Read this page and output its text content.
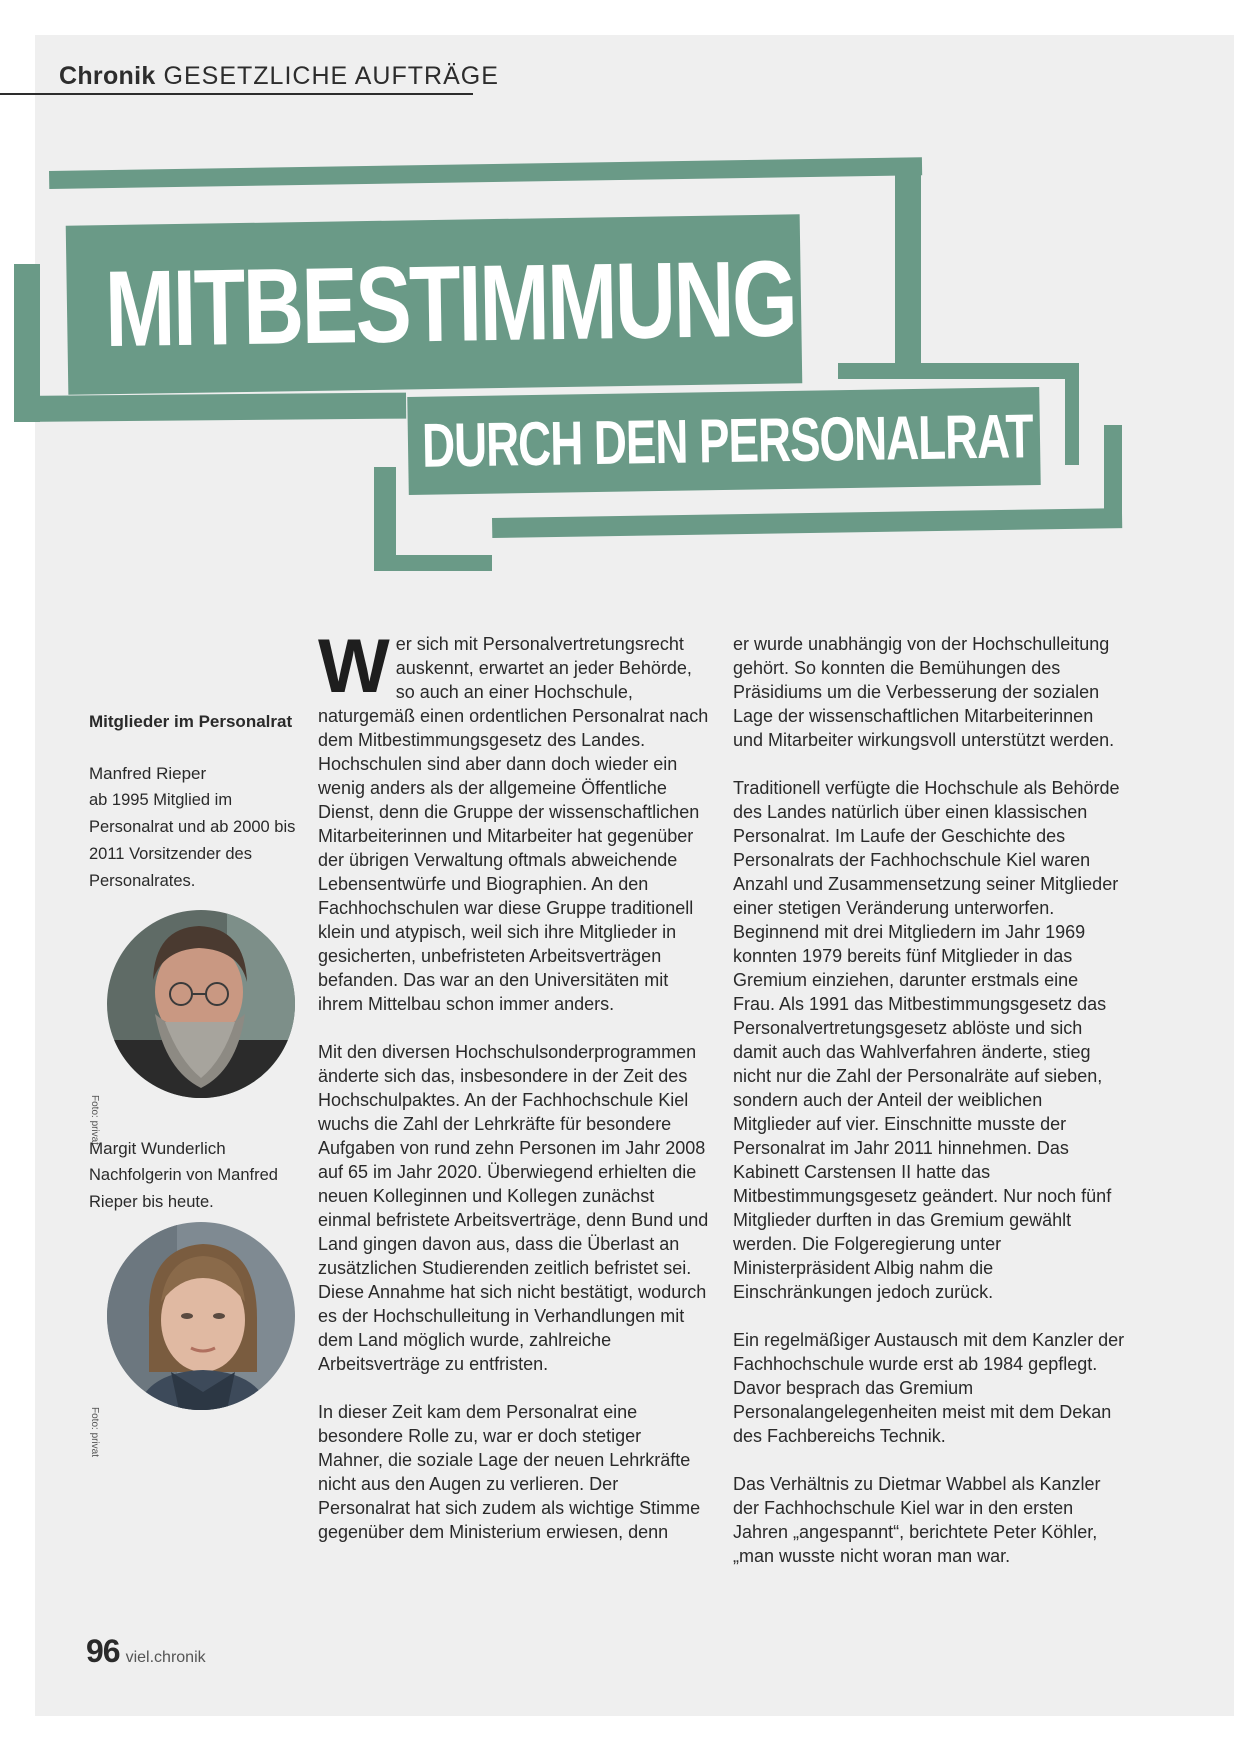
Chronik GESETZLICHE AUFTRÄGE
MITBESTIMMUNG
DURCH DEN PERSONALRAT
Mitglieder im Personalrat
Manfred Rieper
ab 1995 Mitglied im Personalrat und ab 2000 bis 2011 Vorsitzender des Personalrates.
Foto: privat
Margit Wunderlich
Nachfolgerin von Manfred Rieper bis heute.
Foto: privat

Wer sich mit Personalvertretungsrecht auskennt, erwartet an jeder Behörde, so auch an einer Hochschule, naturgemäß einen ordentlichen Personalrat nach dem Mitbestimmungsgesetz des Landes. Hochschulen sind aber dann doch wieder ein wenig anders als der allgemeine Öffentliche Dienst, denn die Gruppe der wissenschaftlichen Mitarbeiterinnen und Mitarbeiter hat gegenüber der übrigen Verwaltung oftmals abweichende Lebensentwürfe und Biographien. An den Fachhochschulen war diese Gruppe traditionell klein und atypisch, weil sich ihre Mitglieder in gesicherten, unbefristeten Arbeitsverträgen befanden. Das war an den Universitäten mit ihrem Mittelbau schon immer anders.

Mit den diversen Hochschulsonderprogrammen änderte sich das, insbesondere in der Zeit des Hochschulpaktes. An der Fachhochschule Kiel wuchs die Zahl der Lehrkräfte für besondere Aufgaben von rund zehn Personen im Jahr 2008 auf 65 im Jahr 2020. Überwiegend erhielten die neuen Kolleginnen und Kollegen zunächst einmal befristete Arbeitsverträge, denn Bund und Land gingen davon aus, dass die Überlast an zusätzlichen Studierenden zeitlich befristet sei. Diese Annahme hat sich nicht bestätigt, wodurch es der Hochschulleitung in Verhandlungen mit dem Land möglich wurde, zahlreiche Arbeitsverträge zu entfristen.

In dieser Zeit kam dem Personalrat eine besondere Rolle zu, war er doch stetiger Mahner, die soziale Lage der neuen Lehrkräfte nicht aus den Augen zu verlieren. Der Personalrat hat sich zudem als wichtige Stimme gegenüber dem Ministerium erwiesen, denn

er wurde unabhängig von der Hochschulleitung gehört. So konnten die Bemühungen des Präsidiums um die Verbesserung der sozialen Lage der wissenschaftlichen Mitarbeiterinnen und Mitarbeiter wirkungsvoll unterstützt werden.

Traditionell verfügte die Hochschule als Behörde des Landes natürlich über einen klassischen Personalrat. Im Laufe der Geschichte des Personalrats der Fachhochschule Kiel waren Anzahl und Zusammensetzung seiner Mitglieder einer stetigen Veränderung unterworfen. Beginnend mit drei Mitgliedern im Jahr 1969 konnten 1979 bereits fünf Mitglieder in das Gremium einziehen, darunter erstmals eine Frau. Als 1991 das Mitbestimmungsgesetz das Personalvertretungsgesetz ablöste und sich damit auch das Wahlverfahren änderte, stieg nicht nur die Zahl der Personalräte auf sieben, sondern auch der Anteil der weiblichen Mitglieder auf vier. Einschnitte musste der Personalrat im Jahr 2011 hinnehmen. Das Kabinett Carstensen II hatte das Mitbestimmungsgesetz geändert. Nur noch fünf Mitglieder durften in das Gremium gewählt werden. Die Folgeregierung unter Ministerpräsident Albig nahm die Einschränkungen jedoch zurück.

Ein regelmäßiger Austausch mit dem Kanzler der Fachhochschule wurde erst ab 1984 gepflegt. Davor besprach das Gremium Personalangelegenheiten meist mit dem Dekan des Fachbereichs Technik.

Das Verhältnis zu Dietmar Wabbel als Kanzler der Fachhochschule Kiel war in den ersten Jahren „angespannt“, berichtete Peter Köhler, „man wusste nicht woran man war.

96 viel.chronik
